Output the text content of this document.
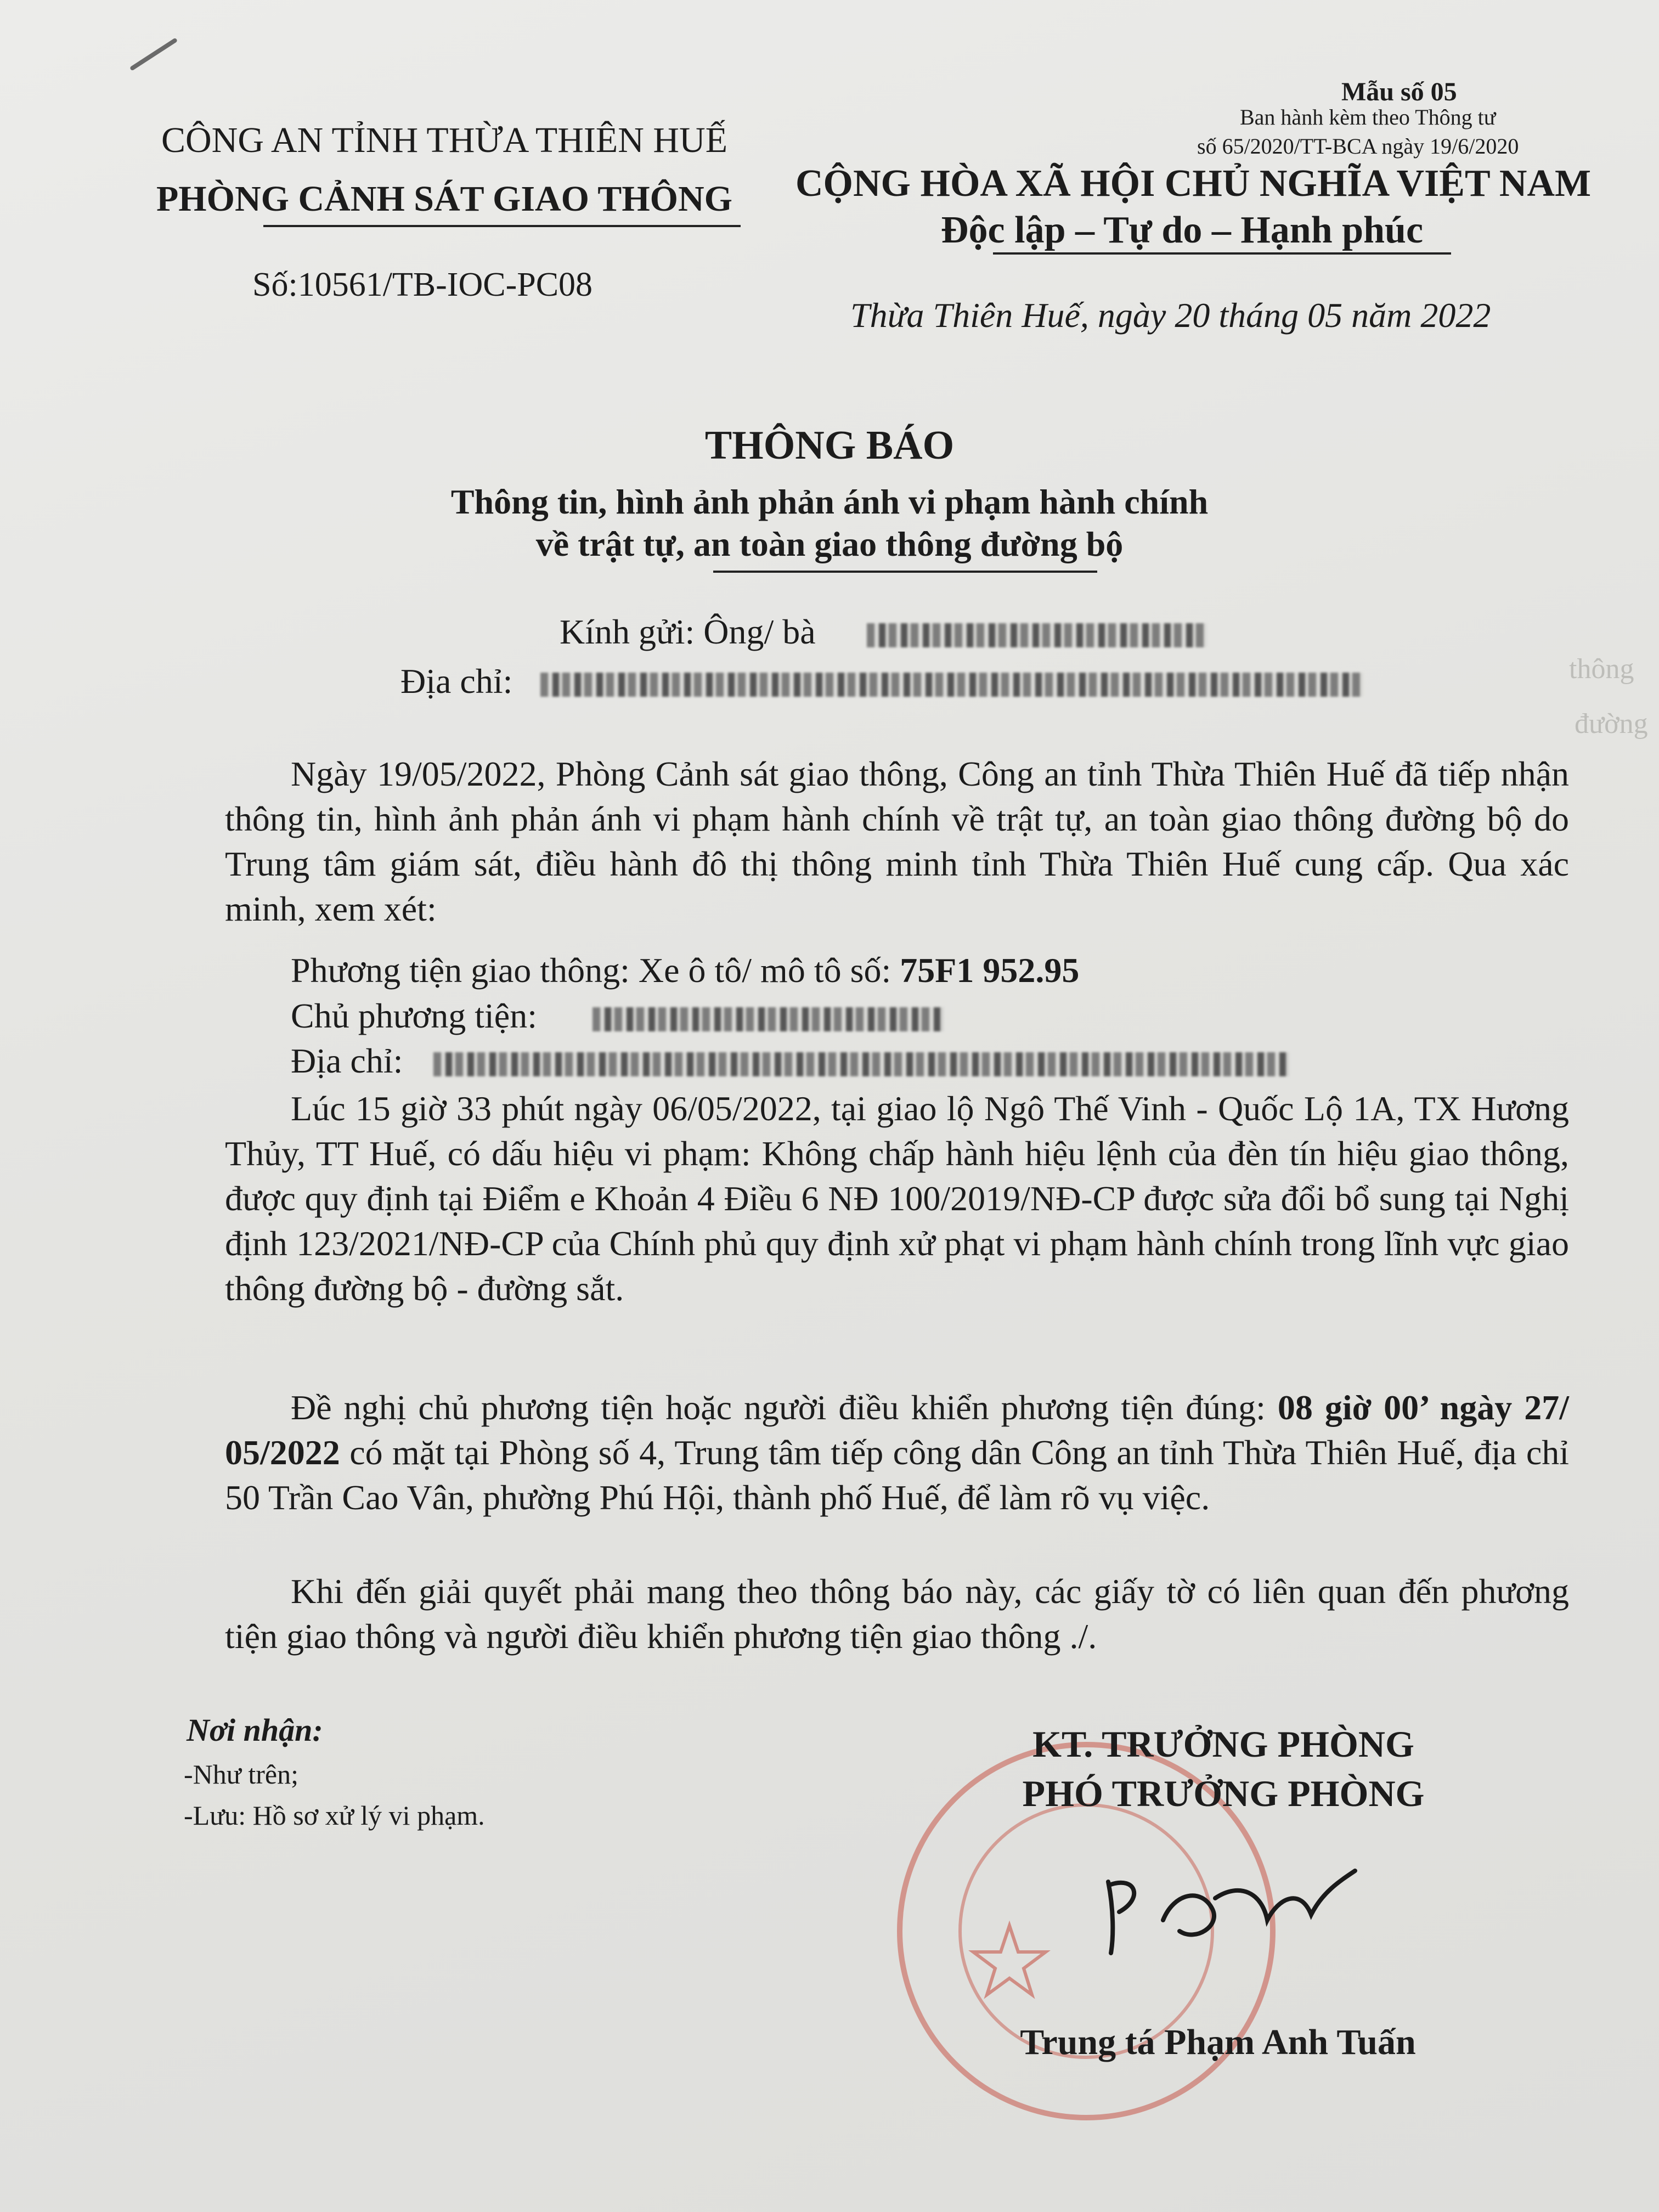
thông
đường
CÔNG AN TỈNH THỪA THIÊN HUẾ
PHÒNG CẢNH SÁT GIAO THÔNG
Số:10561/TB-IOC-PC08
Mẫu số 05
Ban hành kèm theo Thông tư
số 65/2020/TT-BCA ngày 19/6/2020
CỘNG HÒA XÃ HỘI CHỦ NGHĨA VIỆT NAM
Độc lập – Tự do – Hạnh phúc
Thừa Thiên Huế, ngày 20 tháng 05 năm 2022
THÔNG BÁO
Thông tin, hình ảnh phản ánh vi phạm hành chính
về trật tự, an toàn giao thông đường bộ
Kính gửi: Ông/ bà
Địa chỉ:
Ngày 19/05/2022, Phòng Cảnh sát giao thông, Công an tỉnh Thừa Thiên Huế đã tiếp nhận thông tin, hình ảnh phản ánh vi phạm hành chính về trật tự, an toàn giao thông đường bộ do Trung tâm giám sát, điều hành đô thị thông minh tỉnh Thừa Thiên Huế cung cấp. Qua xác minh, xem xét:
Phương tiện giao thông: Xe ô tô/ mô tô số: 75F1 952.95
Chủ phương tiện:
Địa chỉ:
Lúc 15 giờ 33 phút ngày 06/05/2022, tại giao lộ Ngô Thế Vinh - Quốc Lộ 1A, TX Hương Thủy, TT Huế, có dấu hiệu vi phạm: Không chấp hành hiệu lệnh của đèn tín hiệu giao thông, được quy định tại Điểm e Khoản 4 Điều 6 NĐ 100/2019/NĐ-CP được sửa đổi bổ sung tại Nghị định 123/2021/NĐ-CP của Chính phủ quy định xử phạt vi phạm hành chính trong lĩnh vực giao thông đường bộ - đường sắt.
Đề nghị chủ phương tiện hoặc người điều khiển phương tiện đúng: 08 giờ 00’ ngày 27/ 05/2022 có mặt tại Phòng số 4, Trung tâm tiếp công dân Công an tỉnh Thừa Thiên Huế, địa chỉ 50 Trần Cao Vân, phường Phú Hội, thành phố Huế, để làm rõ vụ việc.
Khi đến giải quyết phải mang theo thông báo này, các giấy tờ có liên quan đến phương tiện giao thông và người điều khiển phương tiện giao thông ./.
Nơi nhận:
-Như trên;
-Lưu: Hồ sơ xử lý vi phạm.
KT. TRƯỞNG PHÒNG
PHÓ TRƯỞNG PHÒNG
Trung tá Phạm Anh Tuấn
